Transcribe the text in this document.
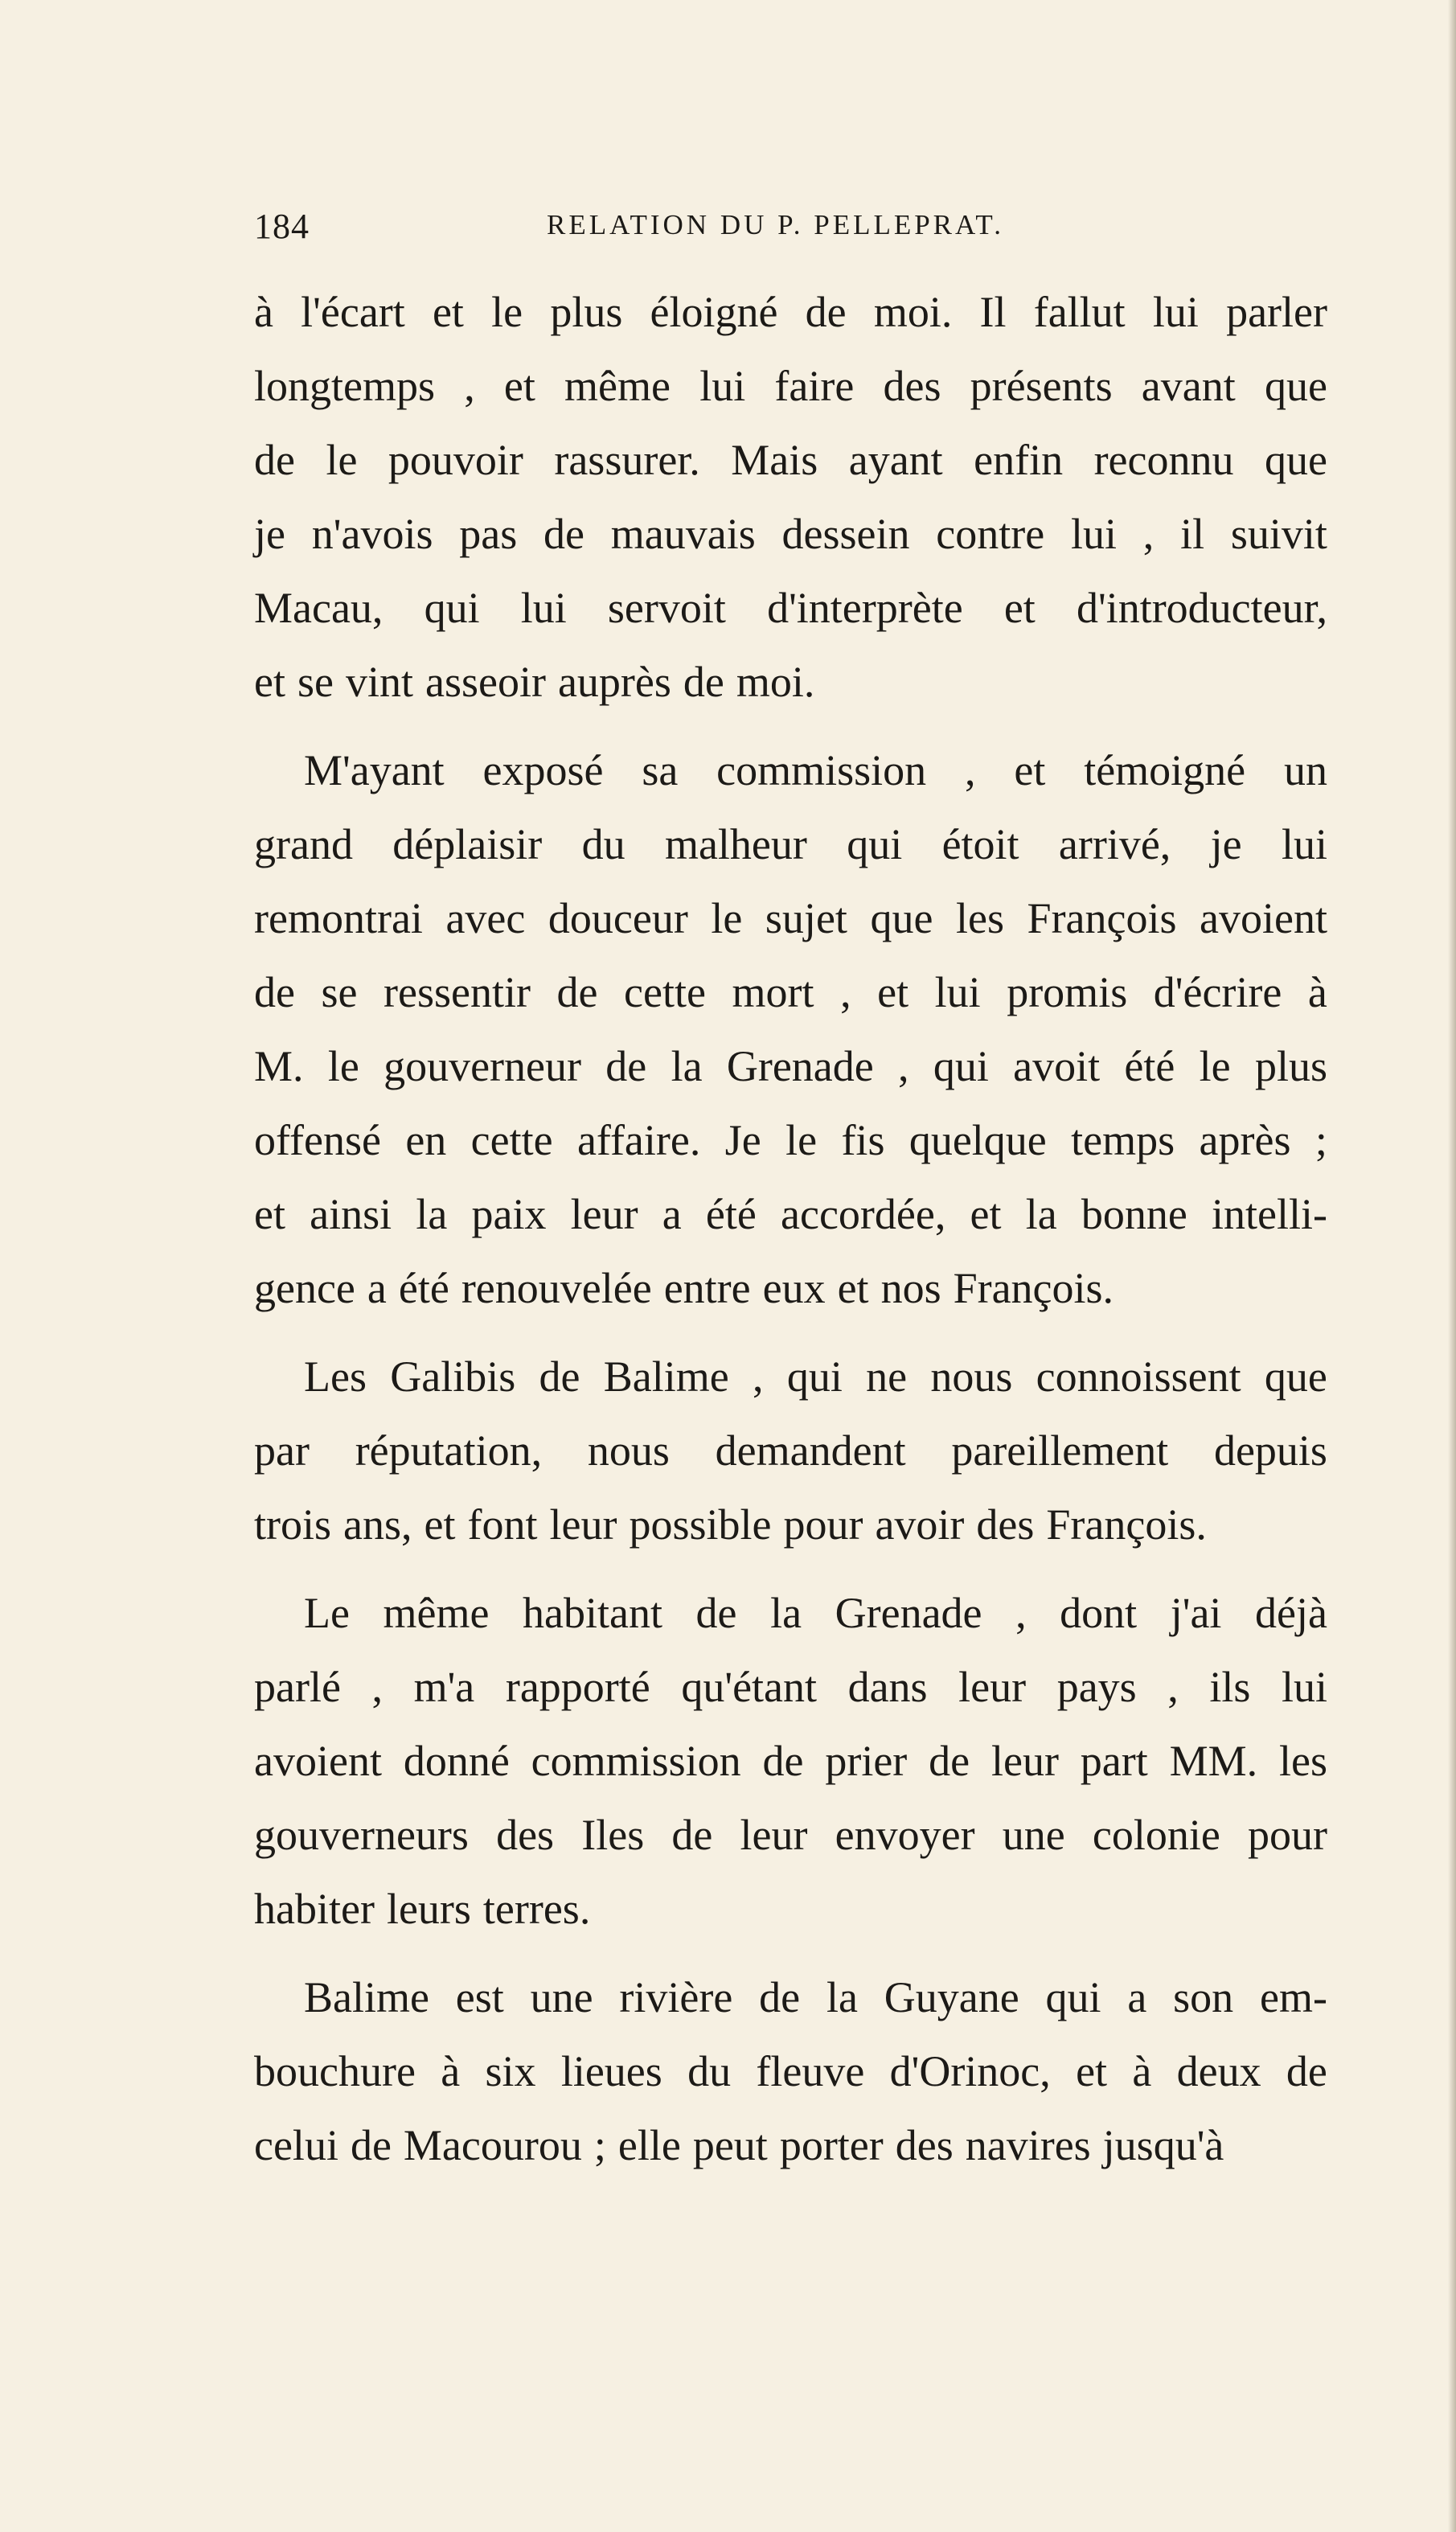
184	RELATION DU P. PELLEPRAT.
à l'écart et le plus éloigné de moi. Il fallut lui parler
longtemps , et même lui faire des présents avant que
de le pouvoir rassurer. Mais ayant enfin reconnu que
je n'avois pas de mauvais dessein contre lui , il suivit
Macau, qui lui servoit d'interprète et d'introducteur,
et se vint asseoir auprès de moi.
M'ayant exposé sa commission , et témoigné un
grand déplaisir du malheur qui étoit arrivé, je lui
remontrai avec douceur le sujet que les François avoient
de se ressentir de cette mort , et lui promis d'écrire à
M. le gouverneur de la Grenade , qui avoit été le plus
offensé en cette affaire. Je le fis quelque temps après ;
et ainsi la paix leur a été accordée, et la bonne intelli-
gence a été renouvelée entre eux et nos François.
Les Galibis de Balime , qui ne nous connoissent que
par réputation, nous demandent pareillement depuis
trois ans, et font leur possible pour avoir des François.
Le même habitant de la Grenade , dont j'ai déjà
parlé , m'a rapporté qu'étant dans leur pays , ils lui
avoient donné commission de prier de leur part MM. les
gouverneurs des Iles de leur envoyer une colonie pour
habiter leurs terres.
Balime est une rivière de la Guyane qui a son em-
bouchure à six lieues du fleuve d'Orinoc, et à deux de
celui de Macourou ; elle peut porter des navires jusqu'à
